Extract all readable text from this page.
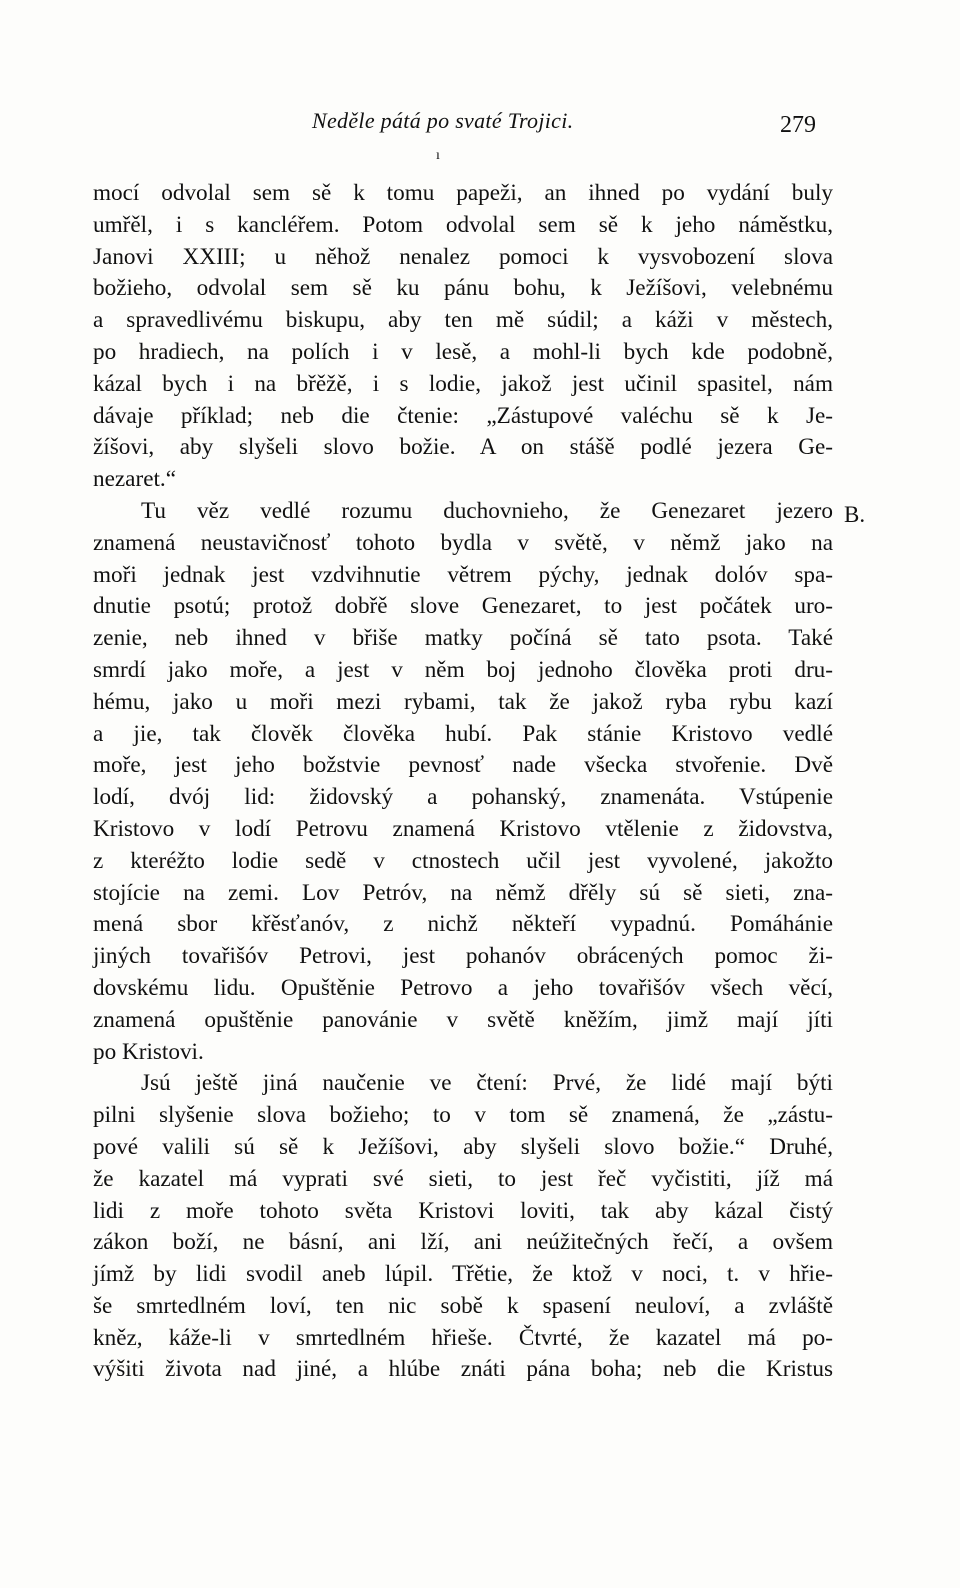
Neděle pátá po svaté Trojici.	279
ı
B.
mocí odvolal sem sě k tomu papeži, an ihned po vydání buly
umřěl, i s kancléřem. Potom odvolal sem sě k jeho náměstku,
Janovi XXIII; u něhož nenalez pomoci k vysvobození slova
božieho, odvolal sem sě ku pánu bohu, k Ježíšovi, velebnému
a spravedlivému biskupu, aby ten mě súdil; a káži v městech,
po hradiech, na polích i v lesě, a mohl-li bych kde podobně,
kázal bych i na břěžě, i s lodie, jakož jest učinil spasitel, nám
dávaje příklad; neb die čtenie: „Zástupové valéchu sě k Je-
žíšovi, aby slyšeli slovo božie. A on stášě podlé jezera Ge-
nezaret.“
Tu věz vedlé rozumu duchovnieho, že Genezaret jezero
znamená neustavičnosť tohoto bydla v světě, v němž jako na
moři jednak jest vzdvihnutie větrem pýchy, jednak dolóv spa-
dnutie psotú; protož dobřě slove Genezaret, to jest počátek uro-
zenie, neb ihned v břiše matky počíná sě tato psota. Také
smrdí jako moře, a jest v něm boj jednoho člověka proti dru-
hému, jako u moři mezi rybami, tak že jakož ryba rybu kazí
a jie, tak člověk člověka hubí. Pak stánie Kristovo vedlé
moře, jest jeho božstvie pevnosť nade všecka stvořenie. Dvě
lodí, dvój lid: židovský a pohanský, znamenáta. Vstúpenie
Kristovo v lodí Petrovu znamená Kristovo vtělenie z židovstva,
z kteréžto lodie sedě v ctnostech učil jest vyvolené, jakožto
stojície na zemi. Lov Petróv, na němž dřěly sú sě sieti, zna-
mená sbor křěsťanóv, z nichž někteří vypadnú. Pomáhánie
jiných tovařišóv Petrovi, jest pohanóv obrácených pomoc ži-
dovskému lidu. Opuštěnie Petrovo a jeho tovařišóv všech věcí,
znamená opuštěnie panovánie v světě kněžím, jimž mají jíti
po Kristovi.
Jsú ještě jiná naučenie ve čtení: Prvé, že lidé mají býti
pilni slyšenie slova božieho; to v tom sě znamená, že „zástu-
pové valili sú sě k Ježíšovi, aby slyšeli slovo božie.“ Druhé,
že kazatel má vyprati své sieti, to jest řeč vyčistiti, jíž má
lidi z moře tohoto světa Kristovi loviti, tak aby kázal čistý
zákon boží, ne básní, ani lží, ani neúžitečných řečí, a ovšem
jímž by lidi svodil aneb lúpil. Třětie, že ktož v noci, t. v hřie-
še smrtedlném loví, ten nic sobě k spasení neuloví, a zvláště
kněz, káže-li v smrtedlném hřieše. Čtvrté, že kazatel má po-
výšiti života nad jiné, a hlúbe znáti pána boha; neb die Kristus
